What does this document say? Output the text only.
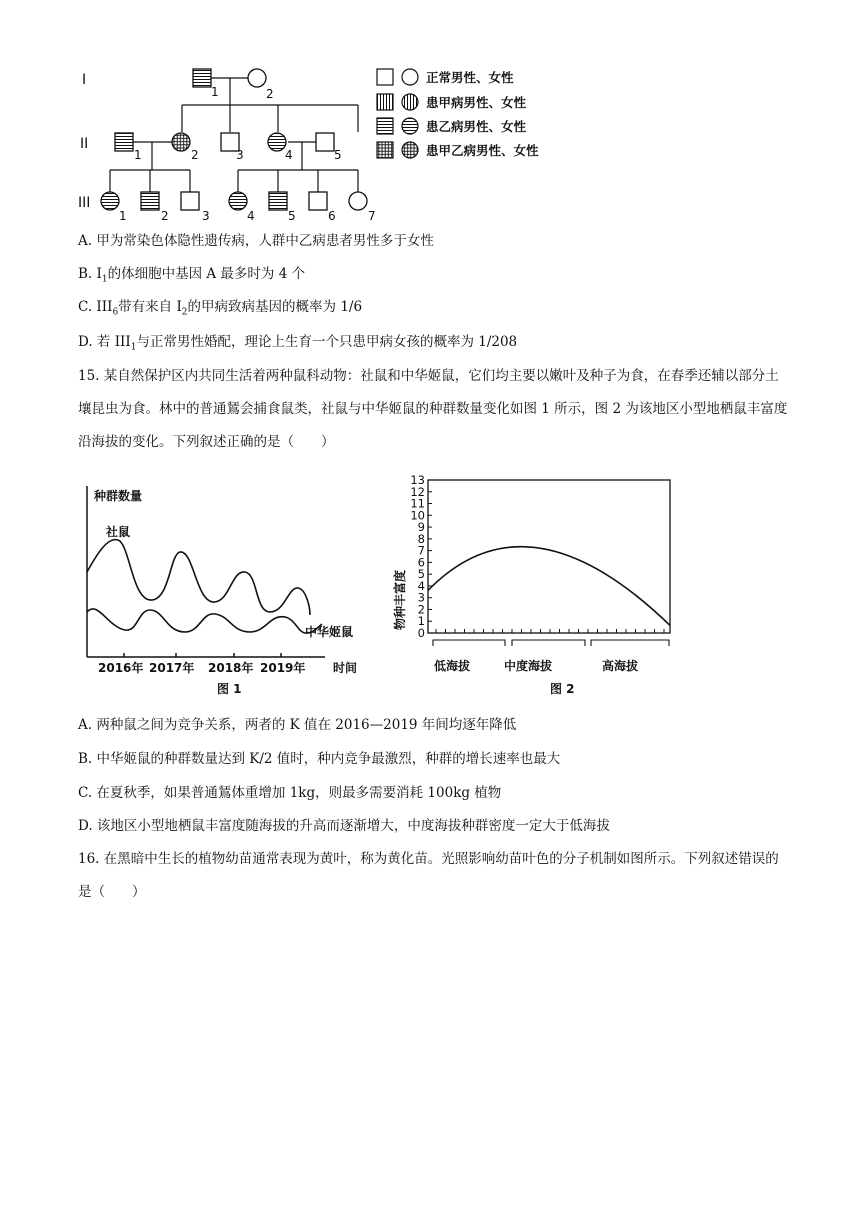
I
II
III
1	2
1	2	3	4	5
1	2	3	4	5	6	7
正常男性、女性
患甲病男性、女性
患乙病男性、女性
患甲乙病男性、女性
A. 甲为常染色体隐性遗传病，人群中乙病患者男性多于女性
B. $I_1$的体细胞中基因 A 最多时为 4 个
C. $III_6$带有来自 $I_2$的甲病致病基因的概率为 1/6
D. 若 $III_1$与正常男性婚配，理论上生育一个只患甲病女孩的概率为 1/208
15. 某自然保护区内共同生活着两种鼠科动物：社鼠和中华姬鼠，它们均主要以嫩叶及种子为食，在春季还辅以部分土壤昆虫为食。林中的普通鵟会捕食鼠类，社鼠与中华姬鼠的种群数量变化如图 1 所示，图 2 为该地区小型地栖鼠丰富度沿海拔的变化。下列叙述正确的是（　　）
种群数量
社鼠
中华姬鼠
2016年 2017年 2018年 2019年 时间
图 1
0
1
2
3
4
5
6
7
8
9
10
11
12
13
物种丰富度
低海拔	中度海拔	高海拔
图 2
A. 两种鼠之间为竞争关系，两者的 K 值在 2016—2019 年间均逐年降低
B. 中华姬鼠的种群数量达到 K/2 值时，种内竞争最激烈，种群的增长速率也最大
C. 在夏秋季，如果普通鵟体重增加 1kg，则最多需要消耗 100kg 植物
D. 该地区小型地栖鼠丰富度随海拔的升高而逐渐增大，中度海拔种群密度一定大于低海拔
16. 在黑暗中生长的植物幼苗通常表现为黄叶，称为黄化苗。光照影响幼苗叶色的分子机制如图所示。下列叙述错误的是（　　）
